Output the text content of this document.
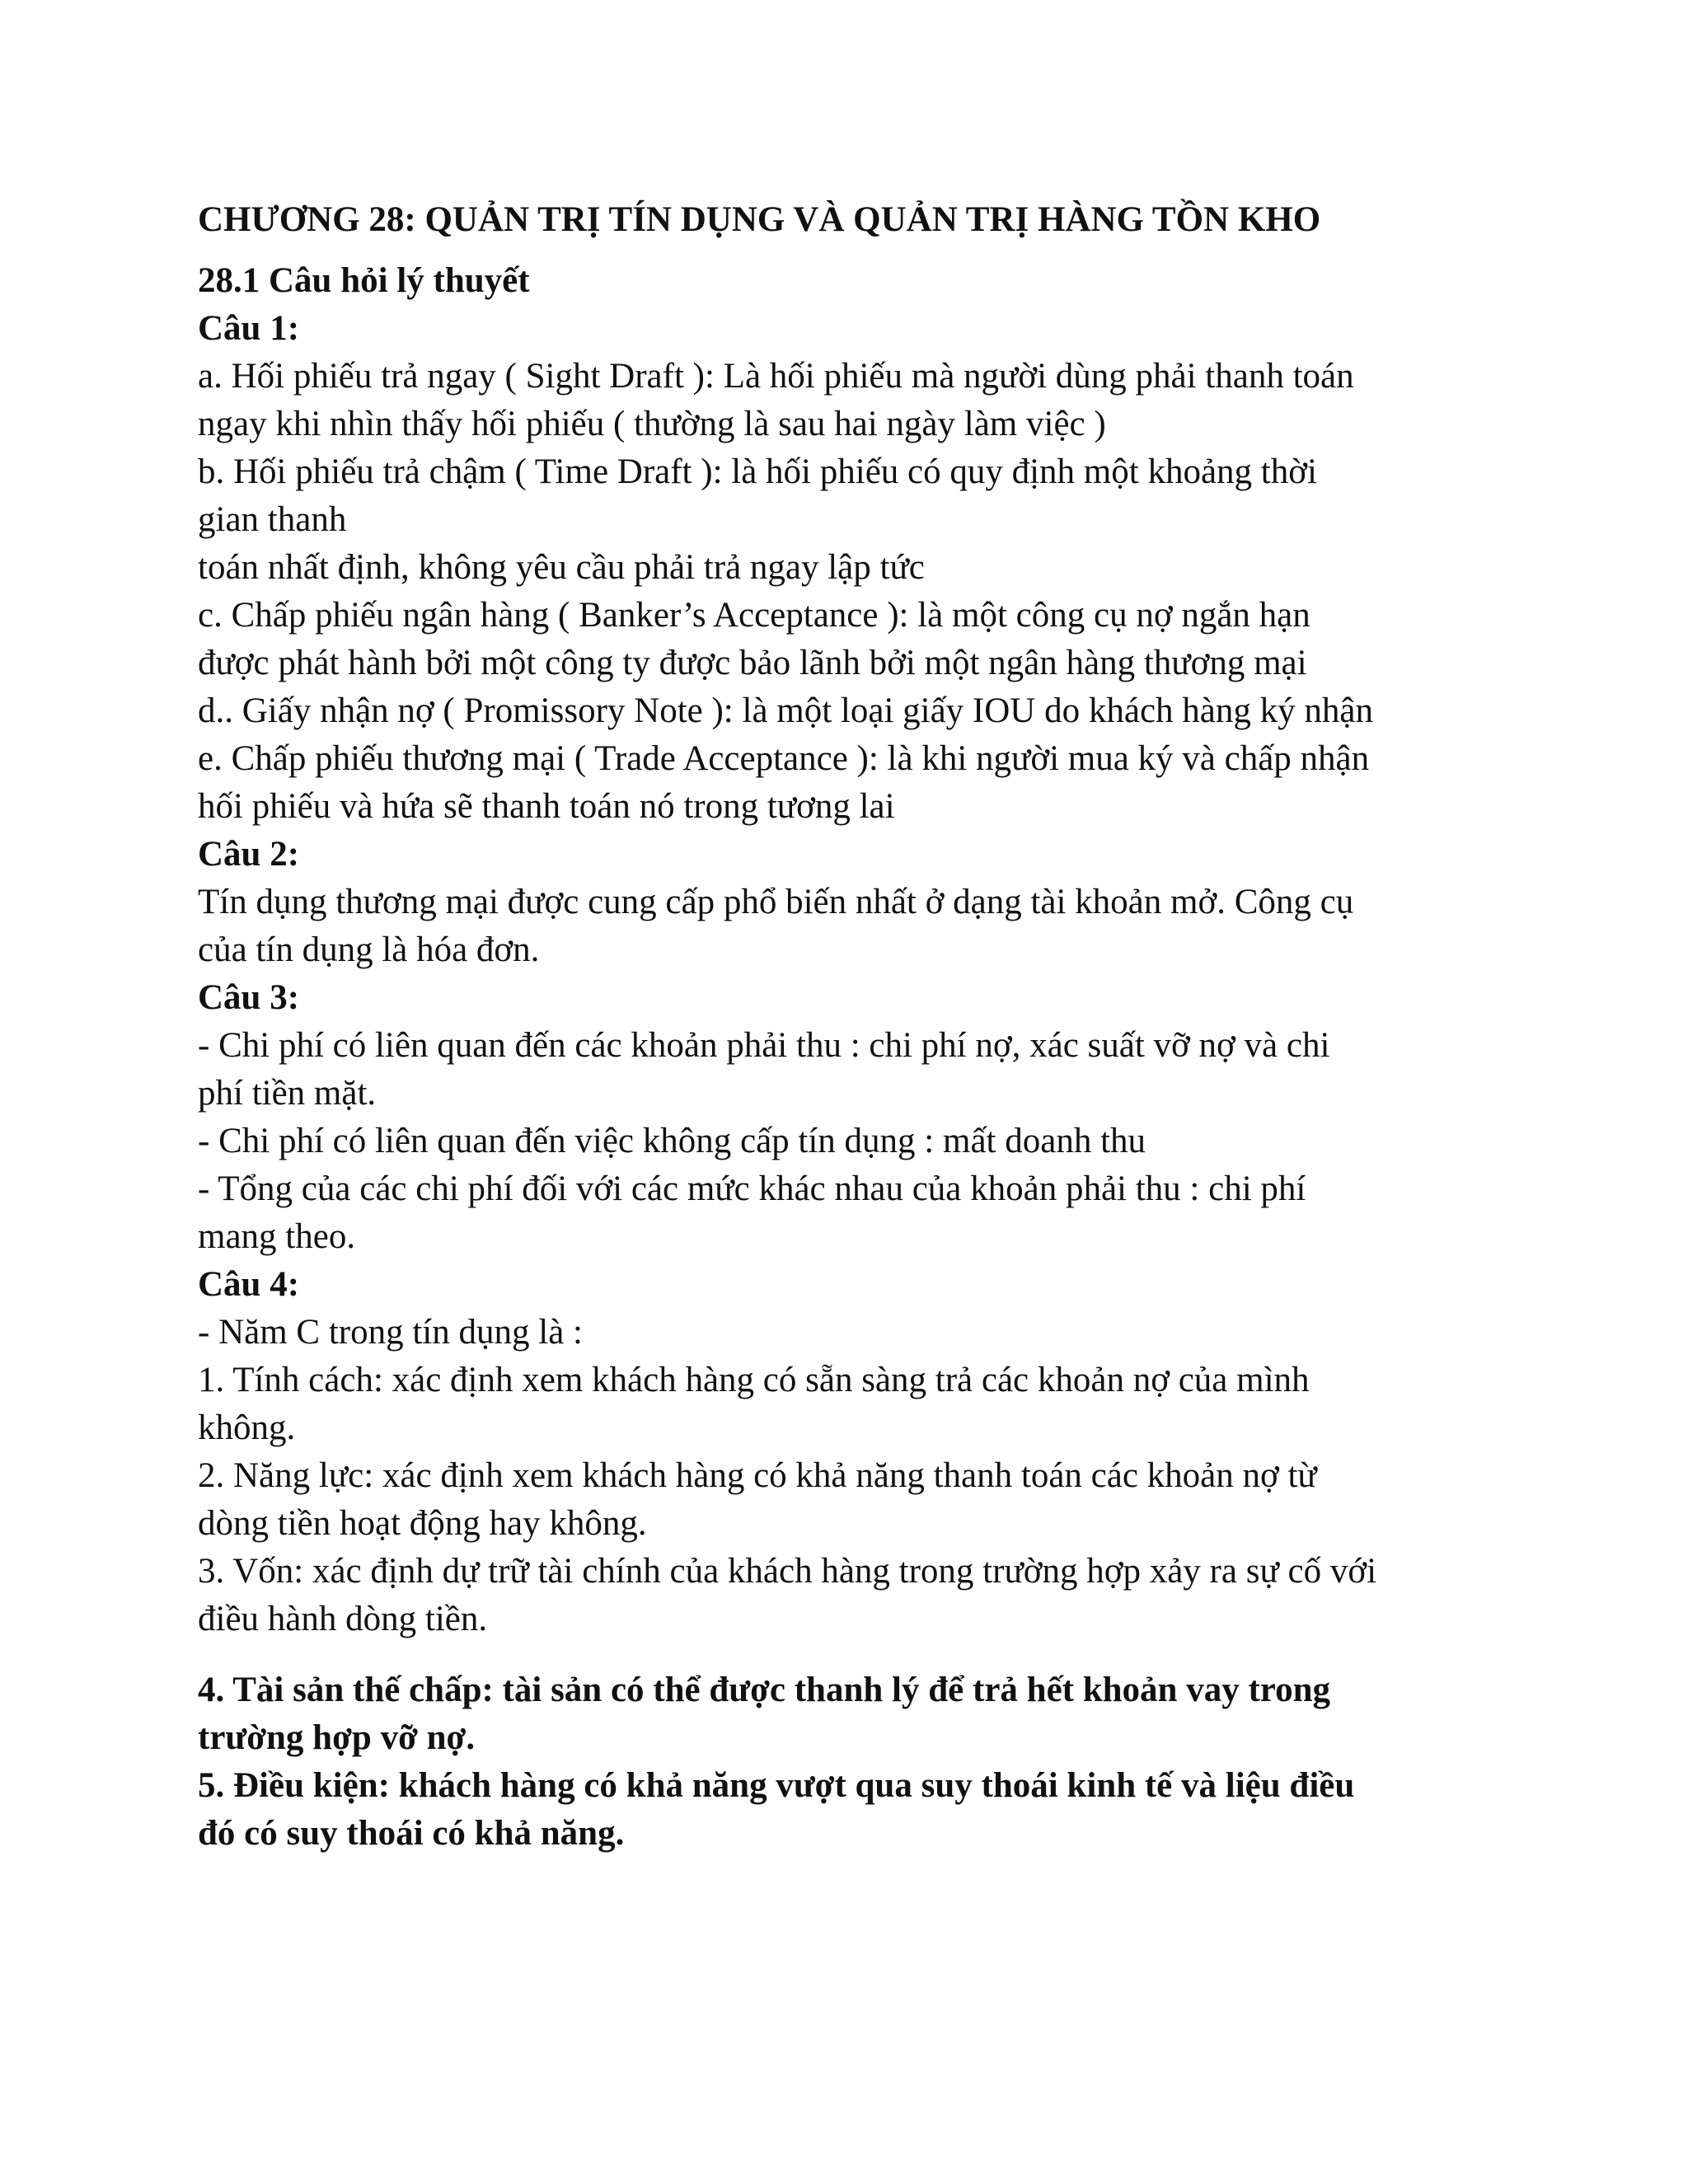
CHƯƠNG 28: QUẢN TRỊ TÍN DỤNG VÀ QUẢN TRỊ HÀNG TỒN KHO
28.1 Câu hỏi lý thuyết
Câu 1:
a. Hối phiếu trả ngay ( Sight Draft ): Là hối phiếu mà người dùng phải thanh toán
ngay khi nhìn thấy hối phiếu ( thường là sau hai ngày làm việc )
b. Hối phiếu trả chậm ( Time Draft ): là hối phiếu có quy định một khoảng thời
gian thanh
toán nhất định, không yêu cầu phải trả ngay lập tức
c. Chấp phiếu ngân hàng ( Banker’s Acceptance ): là một công cụ nợ ngắn hạn
được phát hành bởi một công ty được bảo lãnh bởi một ngân hàng thương mại
d.. Giấy nhận nợ ( Promissory Note ): là một loại giấy IOU do khách hàng ký nhận
e. Chấp phiếu thương mại ( Trade Acceptance ): là khi người mua ký và chấp nhận
hối phiếu và hứa sẽ thanh toán nó trong tương lai
Câu 2:
Tín dụng thương mại được cung cấp phổ biến nhất ở dạng tài khoản mở. Công cụ
của tín dụng là hóa đơn.
Câu 3:
- Chi phí có liên quan đến các khoản phải thu : chi phí nợ, xác suất vỡ nợ và chi
phí tiền mặt.
- Chi phí có liên quan đến việc không cấp tín dụng : mất doanh thu
- Tổng của các chi phí đối với các mức khác nhau của khoản phải thu : chi phí
mang theo.
Câu 4:
- Năm C trong tín dụng là :
1. Tính cách: xác định xem khách hàng có sẵn sàng trả các khoản nợ của mình
không.
2. Năng lực: xác định xem khách hàng có khả năng thanh toán các khoản nợ từ
dòng tiền hoạt động hay không.
3. Vốn: xác định dự trữ tài chính của khách hàng trong trường hợp xảy ra sự cố với
điều hành dòng tiền.
4. Tài sản thế chấp: tài sản có thể được thanh lý để trả hết khoản vay trong
trường hợp vỡ nợ.
5. Điều kiện: khách hàng có khả năng vượt qua suy thoái kinh tế và liệu điều
đó có suy thoái có khả năng.
